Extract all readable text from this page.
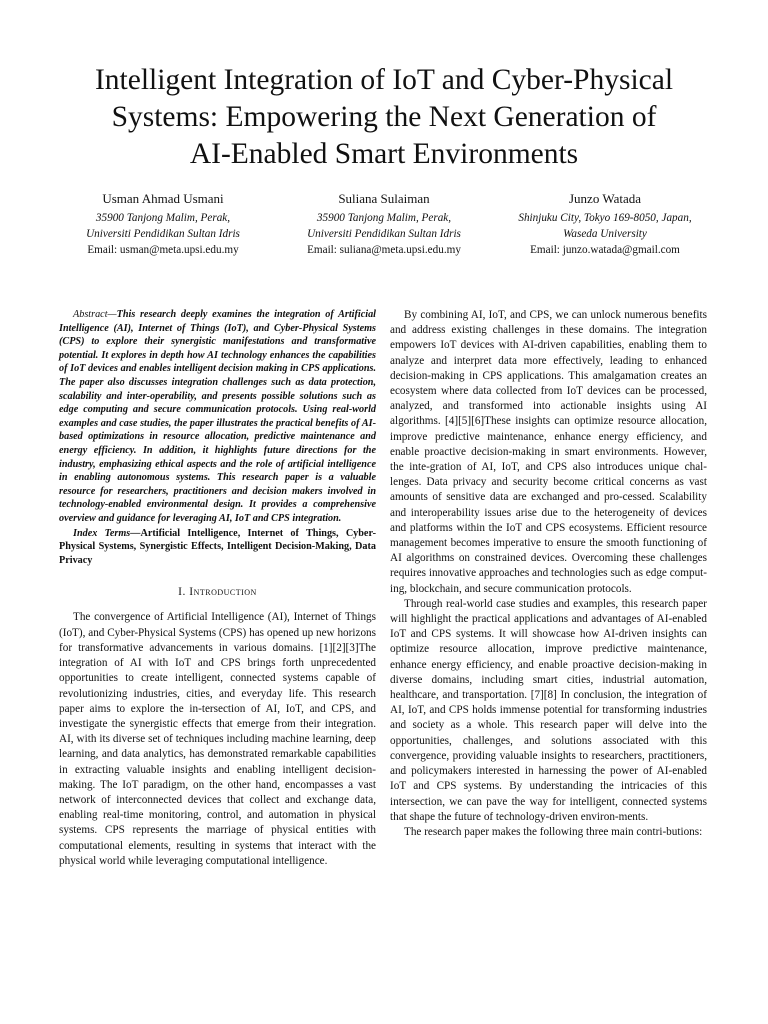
Intelligent Integration of IoT and Cyber-Physical
Systems: Empowering the Next Generation of
AI-Enabled Smart Environments
Usman Ahmad Usmani
35900 Tanjong Malim, Perak,
Universiti Pendidikan Sultan Idris
Email: usman@meta.upsi.edu.my
Suliana Sulaiman
35900 Tanjong Malim, Perak,
Universiti Pendidikan Sultan Idris
Email: suliana@meta.upsi.edu.my
Junzo Watada
Shinjuku City, Tokyo 169-8050, Japan,
Waseda University
Email: junzo.watada@gmail.com

Abstract—This research deeply examines the integration of Artificial Intelligence (AI), Internet of Things (IoT), and Cyber-Physical Systems (CPS) to explore their synergistic manifestations and transformative potential. It explores in depth how AI technology enhances the capabilities of IoT devices and enables intelligent decision making in CPS applications. The paper also discusses integration challenges such as data protection, scalability and inter-operability, and presents possible solutions such as edge computing and secure communication protocols. Using real-world examples and case studies, the paper illustrates the practical benefits of AI-based optimizations in resource allocation, predictive maintenance and energy efficiency. In addition, it highlights future directions for the industry, emphasizing ethical aspects and the role of artificial intelligence in enabling autonomous systems. This research paper is a valuable resource for researchers, practitioners and decision makers involved in technology-enabled environmental design. It provides a comprehensive overview and guidance for leveraging AI, IoT and CPS integration.

Index Terms—Artificial Intelligence, Internet of Things, Cyber-Physical Systems, Synergistic Effects, Intelligent Decision-Making, Data Privacy

I. Introduction

The convergence of Artificial Intelligence (AI), Internet of Things (IoT), and Cyber-Physical Systems (CPS) has opened up new horizons for transformative advancements in various domains. [1][2][3]The integration of AI with IoT and CPS brings forth unprecedented opportunities to create intelligent, connected systems capable of revolutionizing industries, cities, and everyday life. This research paper aims to explore the in-tersection of AI, IoT, and CPS, and investigate the synergistic effects that emerge from their integration. AI, with its diverse set of techniques including machine learning, deep learning, and data analytics, has demonstrated remarkable capabilities in extracting valuable insights and enabling intelligent decision-making. The IoT paradigm, on the other hand, encompasses a vast network of interconnected devices that collect and exchange data, enabling real-time monitoring, control, and automation in physical systems. CPS represents the marriage of physical entities with computational elements, resulting in systems that interact with the physical world while leveraging computational intelligence.

By combining AI, IoT, and CPS, we can unlock numerous benefits and address existing challenges in these domains. The integration empowers IoT devices with AI-driven capabilities, enabling them to analyze and interpret data more effectively, leading to enhanced decision-making in CPS applications. This amalgamation creates an ecosystem where data collected from IoT devices can be processed, analyzed, and transformed into actionable insights using AI algorithms. [4][5][6]These insights can optimize resource allocation, improve predictive maintenance, enhance energy efficiency, and enable proactive decision-making in smart environments. However, the inte-gration of AI, IoT, and CPS also introduces unique chal-lenges. Data privacy and security become critical concerns as vast amounts of sensitive data are exchanged and pro-cessed. Scalability and interoperability issues arise due to the heterogeneity of devices and platforms within the IoT and CPS ecosystems. Efficient resource management becomes imperative to ensure the smooth functioning of AI algorithms on constrained devices. Overcoming these challenges requires innovative approaches and technologies such as edge comput-ing, blockchain, and secure communication protocols.

Through real-world case studies and examples, this research paper will highlight the practical applications and advantages of AI-enabled IoT and CPS systems. It will showcase how AI-driven insights can optimize resource allocation, improve predictive maintenance, enhance energy efficiency, and enable proactive decision-making in diverse domains, including smart cities, industrial automation, healthcare, and transportation. [7][8] In conclusion, the integration of AI, IoT, and CPS holds immense potential for transforming industries and society as a whole. This research paper will delve into the opportunities, challenges, and solutions associated with this convergence, providing valuable insights to researchers, practitioners, and policymakers interested in harnessing the power of AI-enabled IoT and CPS systems. By understanding the intricacies of this intersection, we can pave the way for intelligent, connected systems that shape the future of technology-driven environ-ments.

The research paper makes the following three main contri-butions:
